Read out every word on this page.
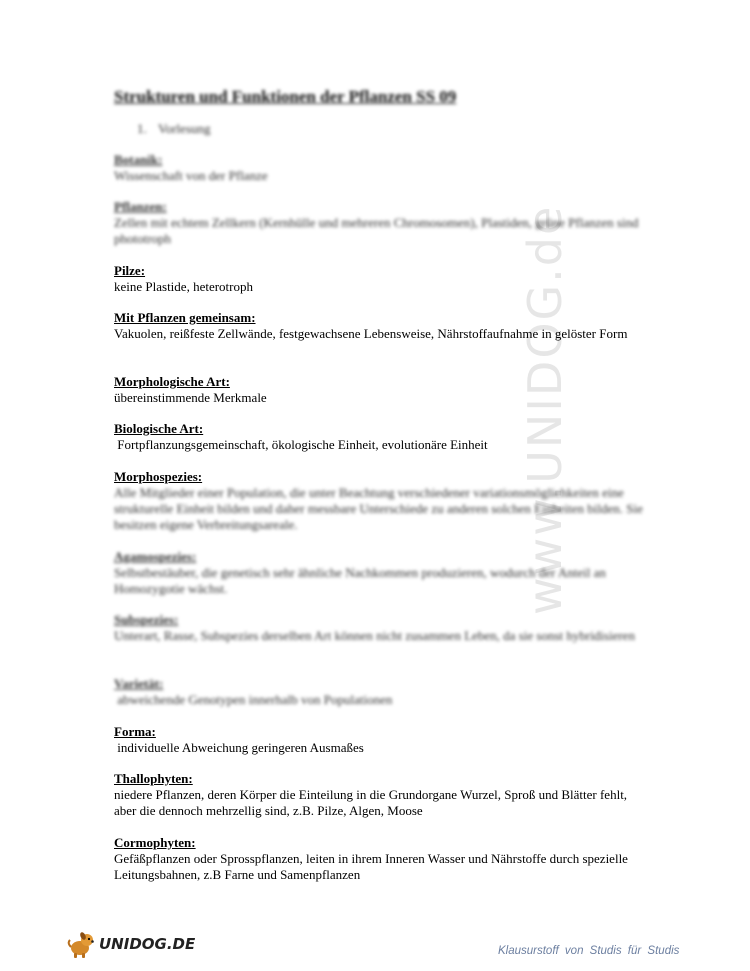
www.UNIDOG.de
Strukturen und Funktionen der Pflanzen SS 09
1. Vorlesung
Botanik:
Wissenschaft von der Pflanze
Pflanzen:
Zellen mit echtem Zellkern (Kernhülle und mehreren Chromosomen), Plastiden, grüne Pflanzen sind phototroph
Pilze:
keine Plastide, heterotroph
Mit Pflanzen gemeinsam:
Vakuolen, reißfeste Zellwände, festgewachsene Lebensweise, Nährstoffaufnahme in gelöster Form
Morphologische Art:
übereinstimmende Merkmale
Biologische Art:
Fortpflanzungsgemeinschaft, ökologische Einheit, evolutionäre Einheit
Morphospezies:
Alle Mitglieder einer Population, die unter Beachtung verschiedener variationsmöglichkeiten eine strukturelle Einheit bilden und daher messbare Unterschiede zu anderen solchen Einheiten bilden. Sie besitzen eigene Verbreitungsareale.
Agamospezies:
Selbstbestäuber, die genetisch sehr ähnliche Nachkommen produzieren, wodurch der Anteil an Homozygotie wächst.
Subspezies:
Unterart, Rasse, Subspezies derselben Art können nicht zusammen Leben, da sie sonst hybridisieren
Varietät:
abweichende Genotypen innerhalb von Populationen
Forma:
individuelle Abweichung geringeren Ausmaßes
Thallophyten:
niedere Pflanzen, deren Körper die Einteilung in die Grundorgane Wurzel, Sproß und Blätter fehlt, aber die dennoch mehrzellig sind, z.B. Pilze, Algen, Moose
Cormophyten:
Gefäßpflanzen oder Sprosspflanzen, leiten in ihrem Inneren Wasser und Nährstoffe durch spezielle Leitungsbahnen, z.B Farne und Samenpflanzen
UNIDOG.DE	Klausurstoff von Studis für Studis
